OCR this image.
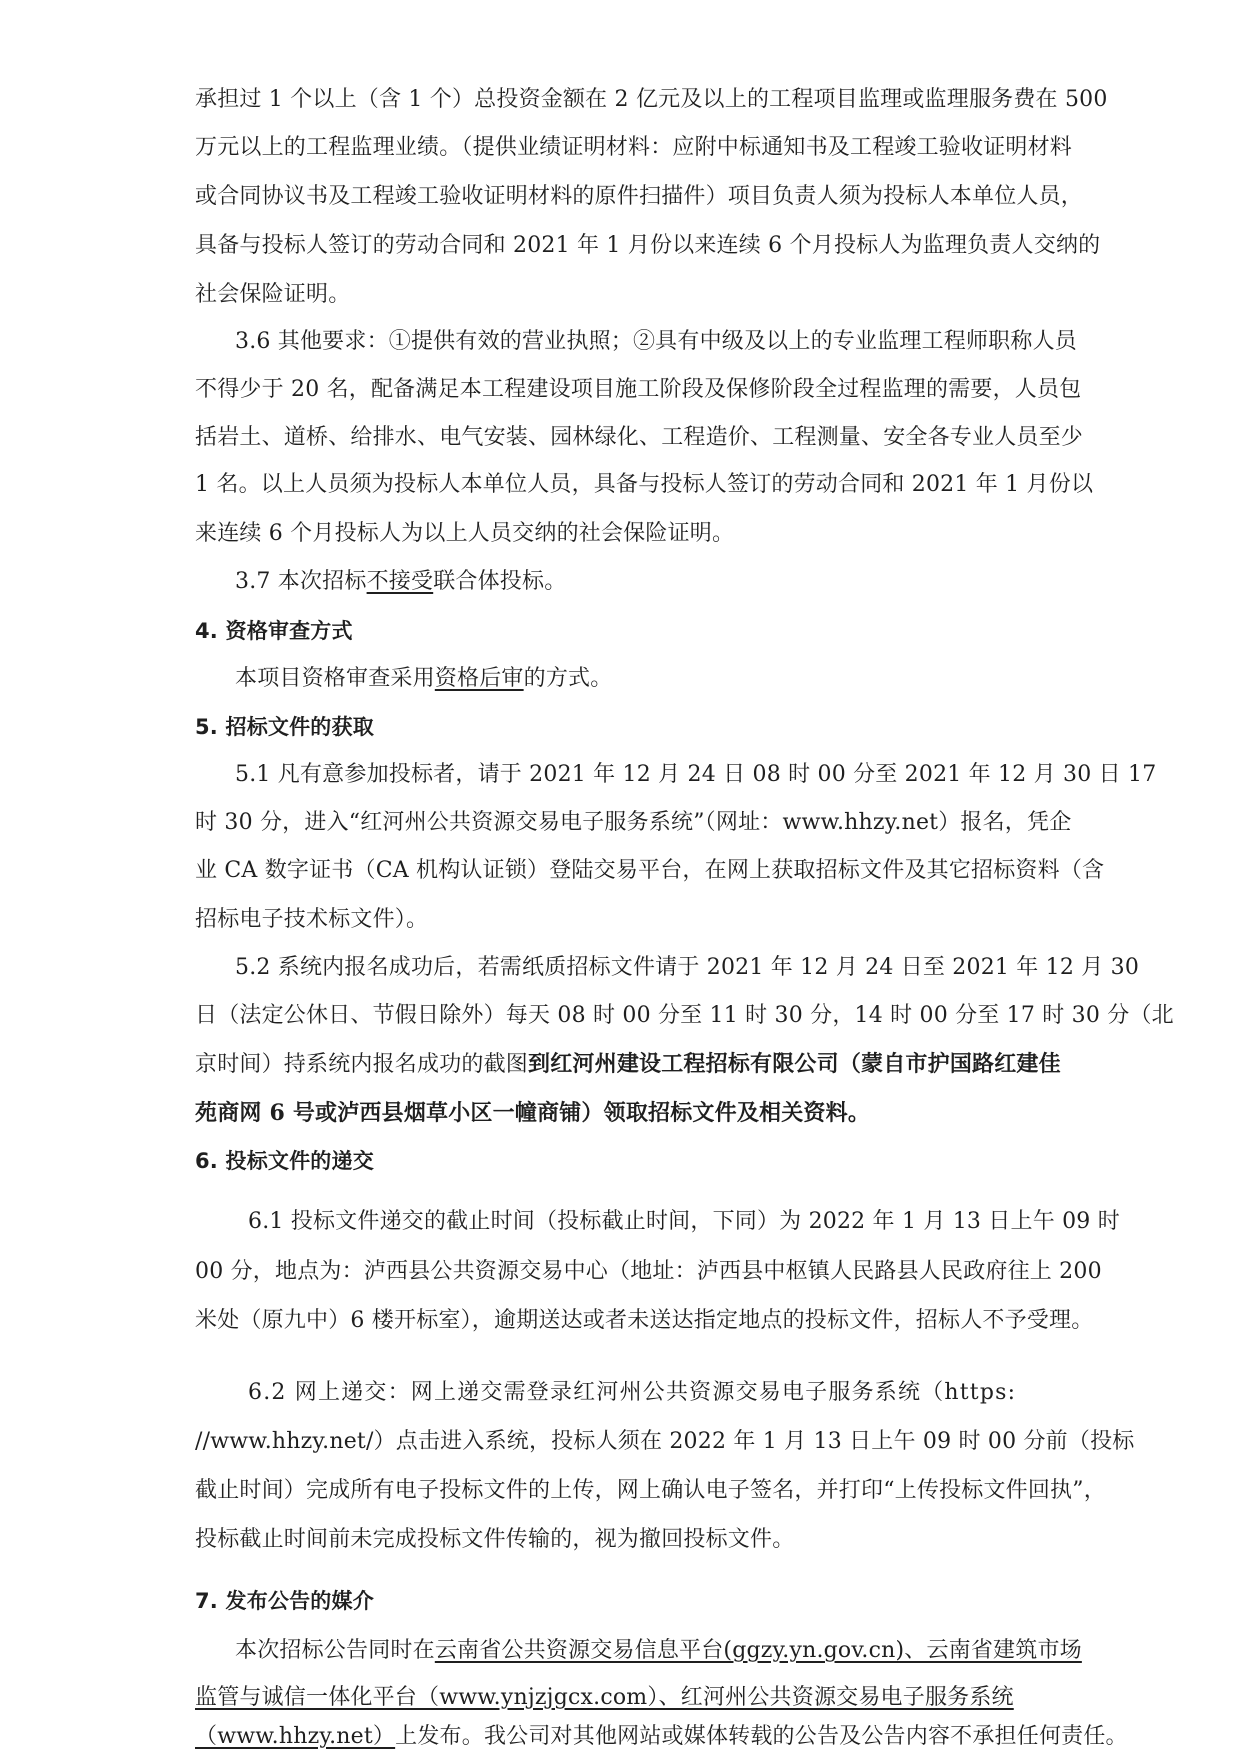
承担过 1 个以上（含 1 个）总投资金额在 2 亿元及以上的工程项目监理或监理服务费在 500
万元以上的工程监理业绩。（提供业绩证明材料：应附中标通知书及工程竣工验收证明材料
或合同协议书及工程竣工验收证明材料的原件扫描件）项目负责人须为投标人本单位人员，
具备与投标人签订的劳动合同和 2021 年 1 月份以来连续 6 个月投标人为监理负责人交纳的
社会保险证明。
3.6 其他要求：①提供有效的营业执照；②具有中级及以上的专业监理工程师职称人员
不得少于 20 名，配备满足本工程建设项目施工阶段及保修阶段全过程监理的需要，人员包
括岩土、道桥、给排水、电气安装、园林绿化、工程造价、工程测量、安全各专业人员至少
1 名。以上人员须为投标人本单位人员，具备与投标人签订的劳动合同和 2021 年 1 月份以
来连续 6 个月投标人为以上人员交纳的社会保险证明。
3.7 本次招标不接受联合体投标。
4. 资格审查方式
本项目资格审查采用资格后审的方式。
5. 招标文件的获取
5.1 凡有意参加投标者，请于 2021 年 12 月 24 日 08 时 00 分至 2021 年 12 月 30 日 17
时 30 分，进入“红河州公共资源交易电子服务系统”（网址：www.hhzy.net）报名，凭企
业 CA 数字证书（CA 机构认证锁）登陆交易平台，在网上获取招标文件及其它招标资料（含
招标电子技术标文件）。
5.2 系统内报名成功后，若需纸质招标文件请于 2021 年 12 月 24 日至 2021 年 12 月 30
日（法定公休日、节假日除外）每天 08 时 00 分至 11 时 30 分，14 时 00 分至 17 时 30 分（北
京时间）持系统内报名成功的截图到红河州建设工程招标有限公司（蒙自市护国路红建佳
苑商网 6 号或泸西县烟草小区一幢商铺）领取招标文件及相关资料。
6. 投标文件的递交
6.1 投标文件递交的截止时间（投标截止时间，下同）为 2022 年 1 月 13 日上午 09 时
00 分，地点为：泸西县公共资源交易中心（地址：泸西县中枢镇人民路县人民政府往上 200
米处（原九中）6 楼开标室），逾期送达或者未送达指定地点的投标文件，招标人不予受理。
6.2 网上递交：网上递交需登录红河州公共资源交易电子服务系统（https:
//www.hhzy.net/）点击进入系统，投标人须在 2022 年 1 月 13 日上午 09 时 00 分前（投标
截止时间）完成所有电子投标文件的上传，网上确认电子签名，并打印“上传投标文件回执”，
投标截止时间前未完成投标文件传输的，视为撤回投标文件。
7. 发布公告的媒介
本次招标公告同时在云南省公共资源交易信息平台(ggzy.yn.gov.cn)、云南省建筑市场
监管与诚信一体化平台（www.ynjzjgcx.com）、红河州公共资源交易电子服务系统
（www.hhzy.net）上发布。我公司对其他网站或媒体转载的公告及公告内容不承担任何责任。
